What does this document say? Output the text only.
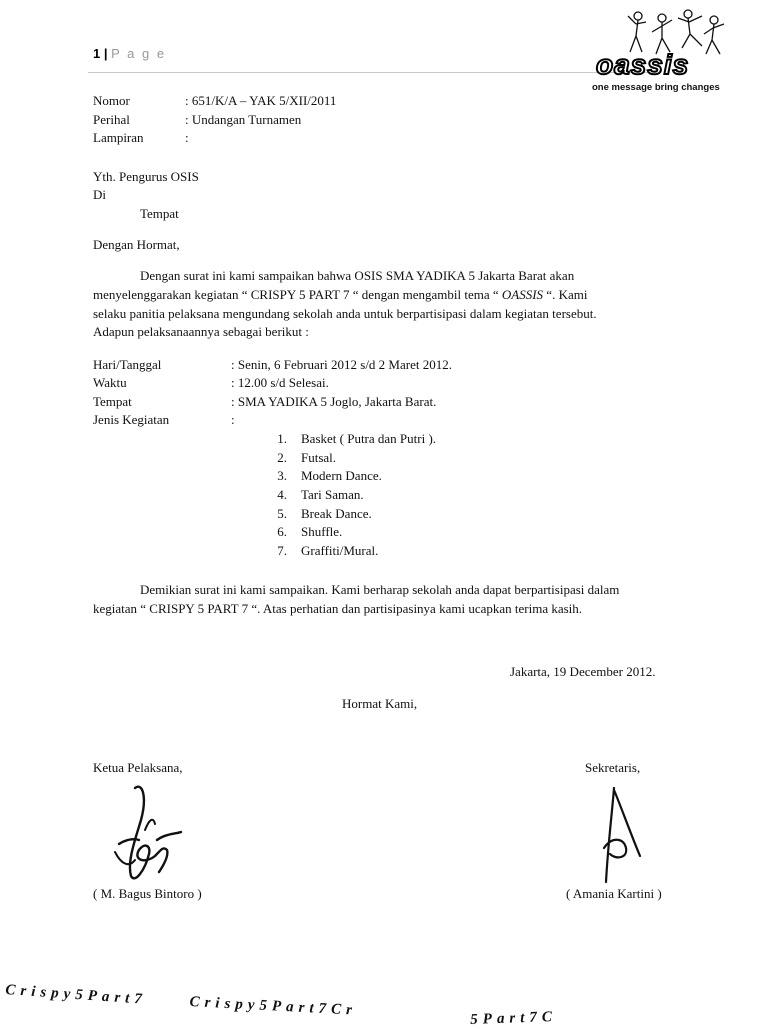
1 | P a g e	oassis
one message bring changes
Nomor	: 651/K/A – YAK 5/XII/2011
Perihal	: Undangan Turnamen
Lampiran	:
Yth. Pengurus OSIS
Di
Tempat
Dengan Hormat,
Dengan surat ini kami sampaikan bahwa OSIS SMA YADIKA 5 Jakarta Barat akan
menyelenggarakan kegiatan “ CRISPY 5 PART 7 “ dengan mengambil tema “ OASSIS “. Kami
selaku panitia pelaksana mengundang sekolah anda untuk berpartisipasi dalam kegiatan tersebut.
Adapun pelaksanaannya sebagai berikut :
Hari/Tanggal	: Senin, 6 Februari 2012 s/d 2 Maret 2012.
Waktu	: 12.00 s/d Selesai.
Tempat	: SMA YADIKA 5 Joglo, Jakarta Barat.
Jenis Kegiatan	:
1. Basket ( Putra dan Putri ).
2. Futsal.
3. Modern Dance.
4. Tari Saman.
5. Break Dance.
6. Shuffle.
7. Graffiti/Mural.
Demikian surat ini kami sampaikan. Kami berharap sekolah anda dapat berpartisipasi dalam
kegiatan “ CRISPY 5 PART 7 “. Atas perhatian dan partisipasinya kami ucapkan terima kasih.
Jakarta, 19 December 2012.
Hormat Kami,
Ketua Pelaksana,	Sekretaris,
( M. Bagus Bintoro )	( Amania Kartini )
Crispy5Part7	Crispy5Part7Cr	5Part7C
